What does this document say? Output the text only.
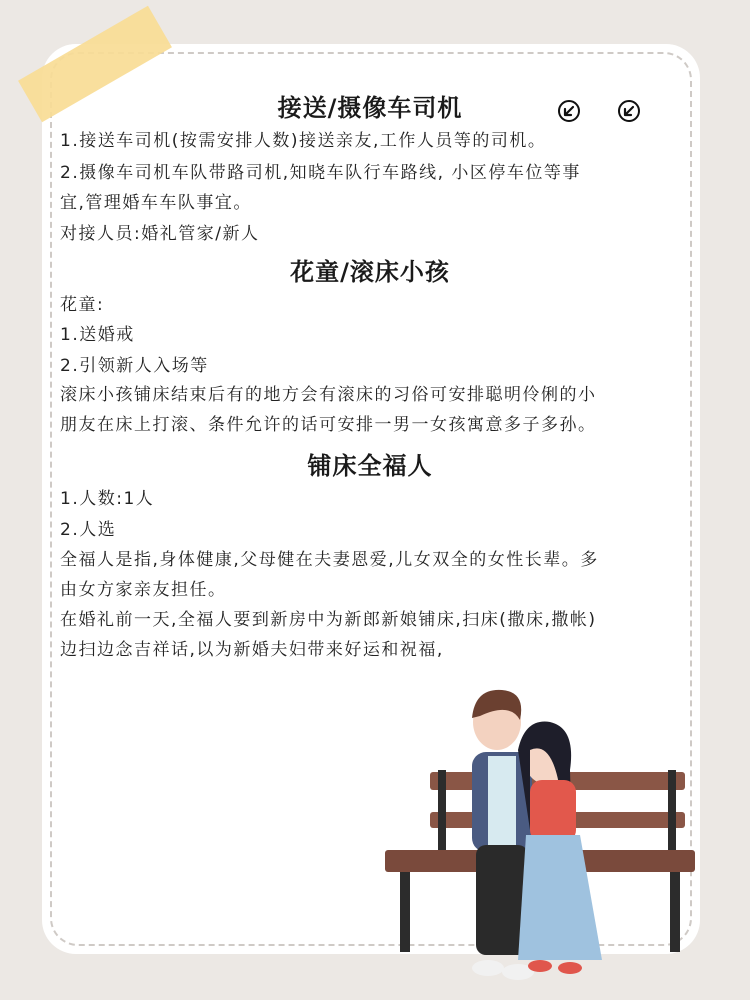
接送/摄像车司机
1.接送车司机(按需安排人数)接送亲友,工作人员等的司机。
2.摄像车司机车队带路司机,知晓车队行车路线, 小区停车位等事
宜,管理婚车车队事宜。
对接人员:婚礼管家/新人
花童/滚床小孩
花童:
1.送婚戒
2.引领新人入场等
滚床小孩铺床结束后有的地方会有滚床的习俗可安排聪明伶俐的小
朋友在床上打滚、条件允许的话可安排一男一女孩寓意多子多孙。
铺床全福人
1.人数:1人
2.人选
全福人是指,身体健康,父母健在夫妻恩爱,儿女双全的女性长辈。多
由女方家亲友担任。
在婚礼前一天,全福人要到新房中为新郎新娘铺床,扫床(撒床,撒帐)
边扫边念吉祥话,以为新婚夫妇带来好运和祝福,
